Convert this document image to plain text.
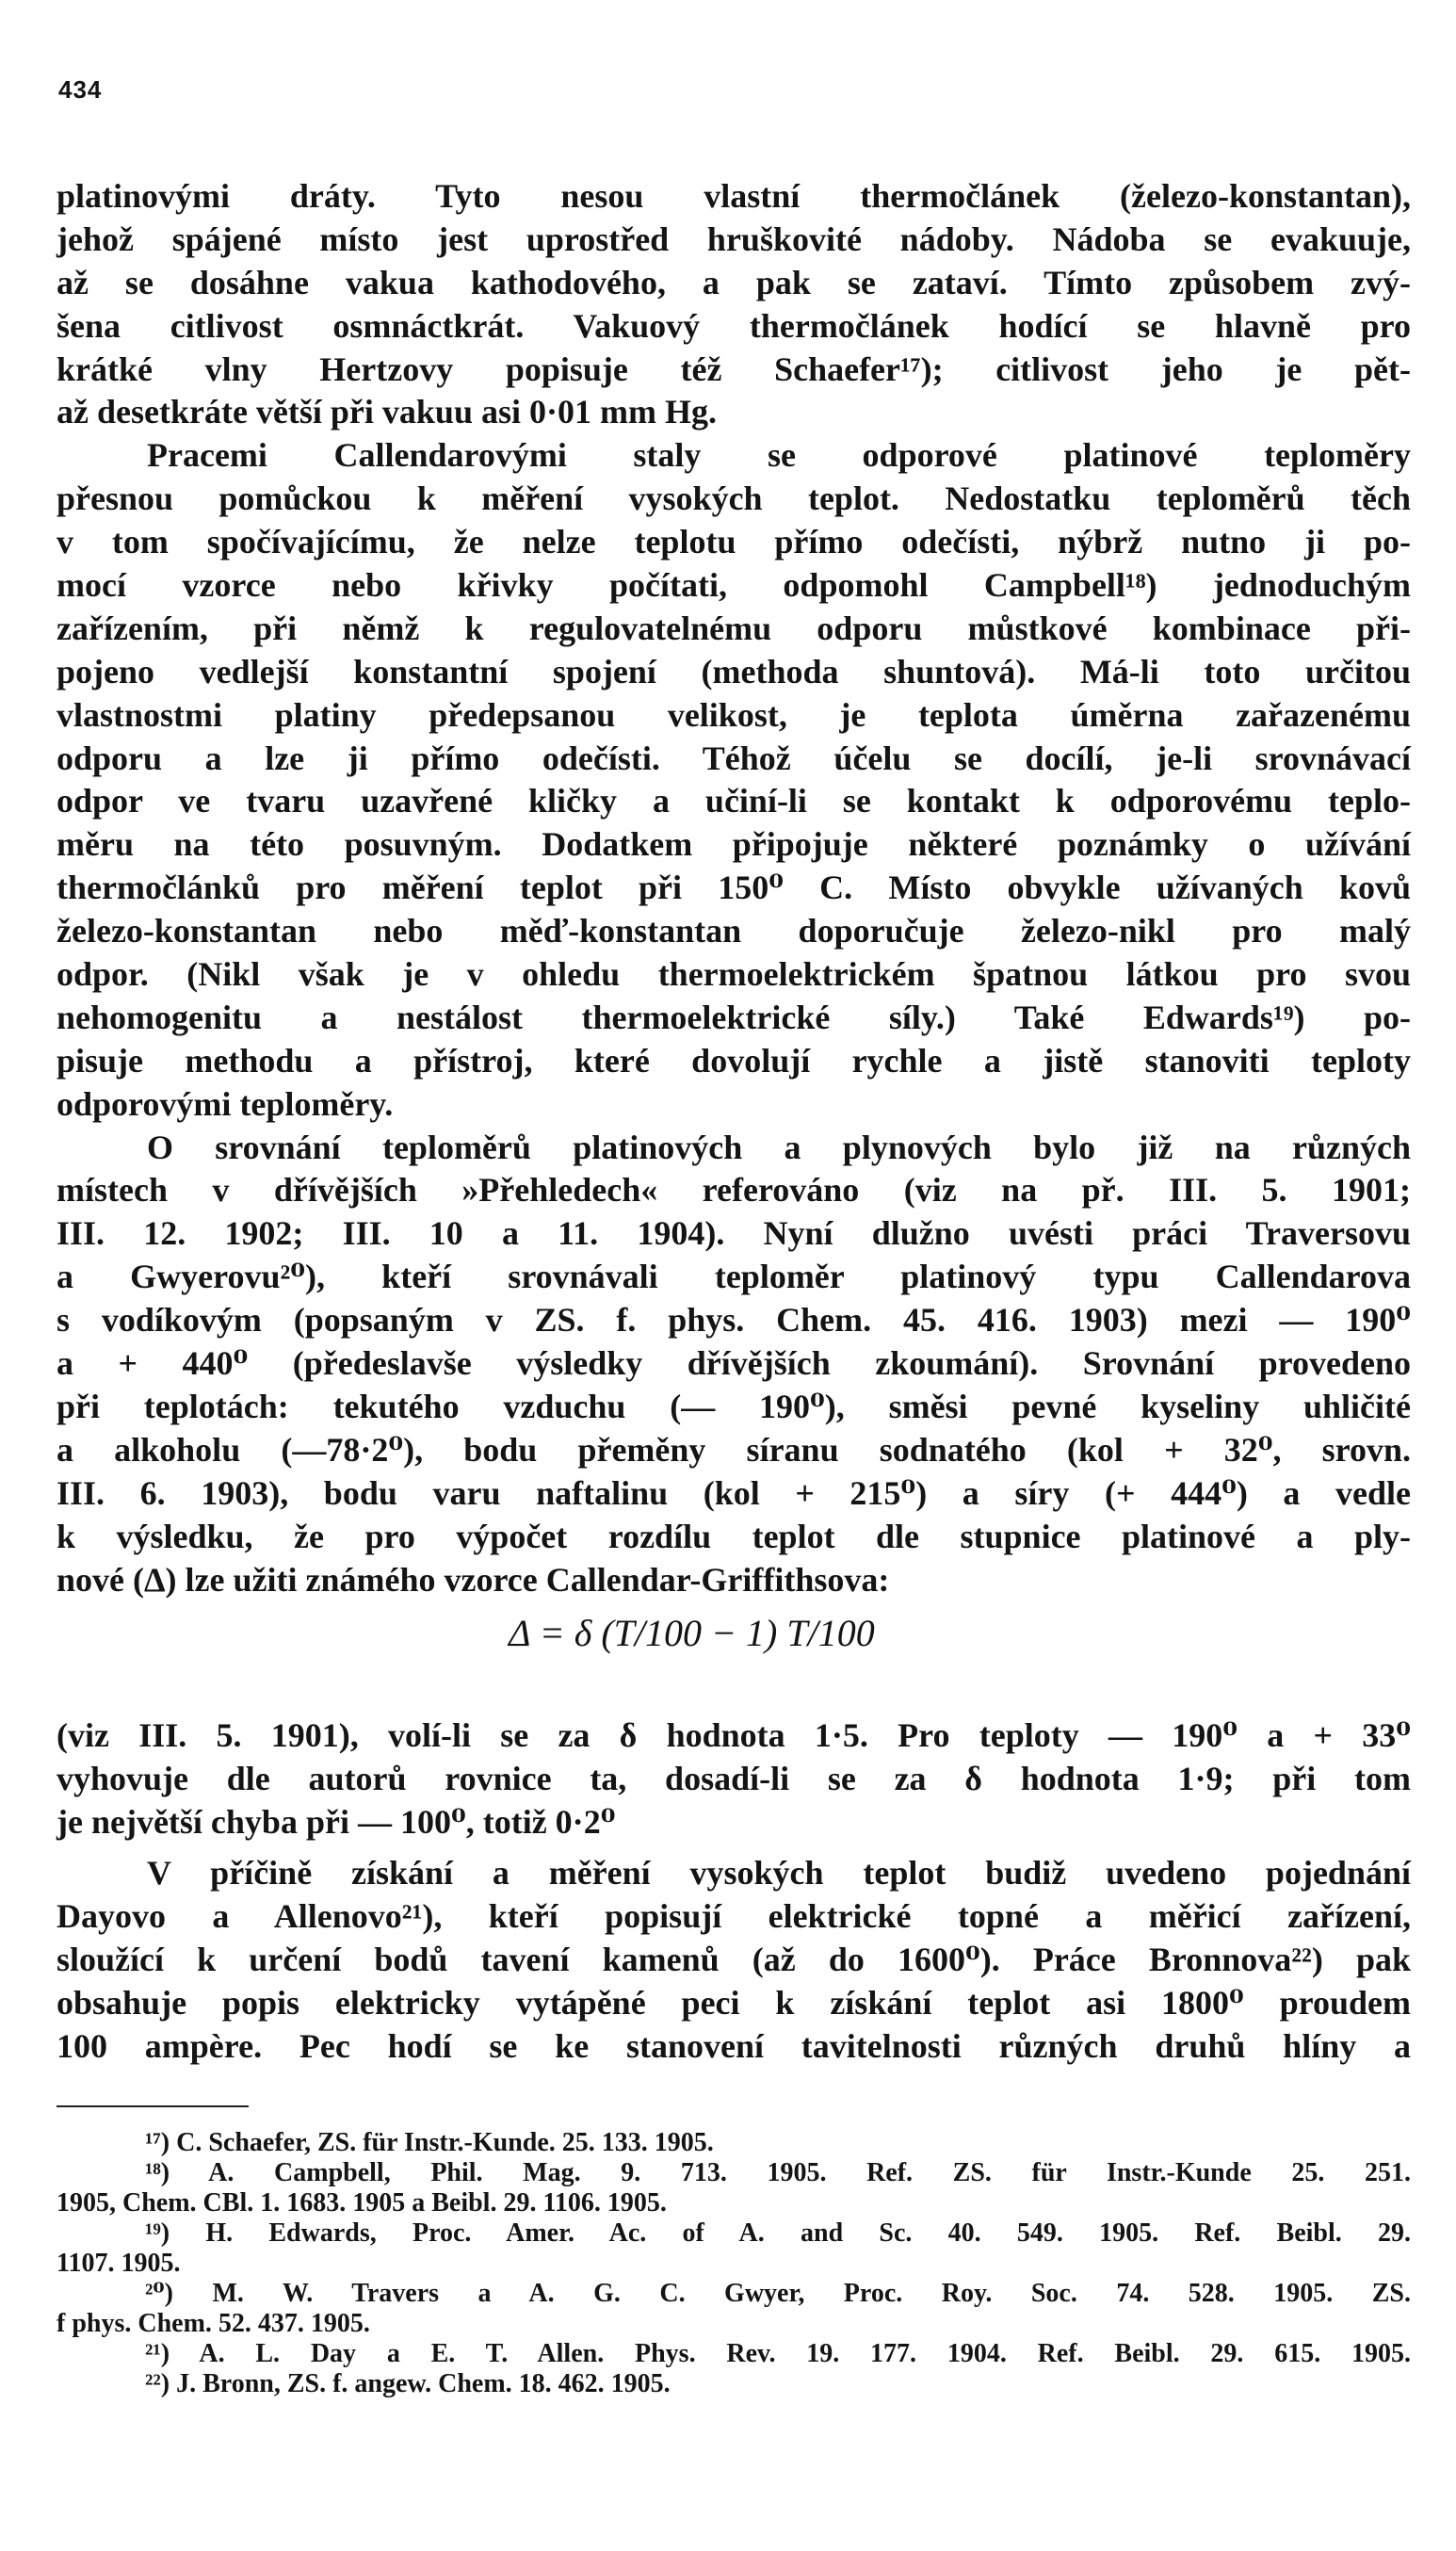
434
platinovými dráty. Tyto nesou vlastní thermočlánek (železo-konstantan),
jehož spájené místo jest uprostřed hruškovité nádoby. Nádoba se evakuuje,
až se dosáhne vakua kathodového, a pak se zataví. Tímto způsobem zvý-
šena citlivost osmnáctkrát. Vakuový thermočlánek hodící se hlavně pro
krátké vlny Hertzovy popisuje též Schaefer¹⁷); citlivost jeho je pět-
až desetkráte větší při vakuu asi 0·01 mm Hg.
Pracemi Callendarovými staly se odporové platinové teploměry
přesnou pomůckou k měření vysokých teplot. Nedostatku teploměrů těch
v tom spočívajícímu, že nelze teplotu přímo odečísti, nýbrž nutno ji po-
mocí vzorce nebo křivky počítati, odpomohl Campbell¹⁸) jednoduchým
zařízením, při němž k regulovatelnému odporu můstkové kombinace při-
pojeno vedlejší konstantní spojení (methoda shuntová). Má-li toto určitou
vlastnostmi platiny předepsanou velikost, je teplota úměrna zařazenému
odporu a lze ji přímo odečísti. Téhož účelu se docílí, je-li srovnávací
odpor ve tvaru uzavřené kličky a učiní-li se kontakt k odporovému teplo-
měru na této posuvným. Dodatkem připojuje některé poznámky o užívání
thermočlánků pro měření teplot při 150⁰ C. Místo obvykle užívaných kovů
železo-konstantan nebo měď-konstantan doporučuje železo-nikl pro malý
odpor. (Nikl však je v ohledu thermoelektrickém špatnou látkou pro svou
nehomogenitu a nestálost thermoelektrické síly.) Také Edwards¹⁹) po-
pisuje methodu a přístroj, které dovolují rychle a jistě stanoviti teploty
odporovými teploměry.
O srovnání teploměrů platinových a plynových bylo již na různých
místech v dřívějších »Přehledech« referováno (viz na př. III. 5. 1901;
III. 12. 1902; III. 10 a 11. 1904). Nyní dlužno uvésti práci Traversovu
a Gwyerovu²⁰), kteří srovnávali teploměr platinový typu Callendarova
s vodíkovým (popsaným v ZS. f. phys. Chem. 45. 416. 1903) mezi — 190⁰
a + 440⁰ (předeslavše výsledky dřívějších zkoumání). Srovnání provedeno
při teplotách: tekutého vzduchu (— 190⁰), směsi pevné kyseliny uhličité
a alkoholu (—78·2⁰), bodu přeměny síranu sodnatého (kol + 32⁰, srovn.
III. 6. 1903), bodu varu naftalinu (kol + 215⁰) a síry (+ 444⁰) a vedle
k výsledku, že pro výpočet rozdílu teplot dle stupnice platinové a ply-
nové (Δ) lze užiti známého vzorce Callendar-Griffithsova:
Δ = δ (T/100 − 1) T/100
(viz III. 5. 1901), volí-li se za δ hodnota 1·5. Pro teploty — 190⁰ a + 33⁰
vyhovuje dle autorů rovnice ta, dosadí-li se za δ hodnota 1·9; při tom
je největší chyba při — 100⁰, totiž 0·2⁰
V příčině získání a měření vysokých teplot budiž uvedeno pojednání
Dayovo a Allenovo²¹), kteří popisují elektrické topné a měřicí zařízení,
sloužící k určení bodů tavení kamenů (až do 1600⁰). Práce Bronnova²²) pak
obsahuje popis elektricky vytápěné peci k získání teplot asi 1800⁰ proudem
100 ampère. Pec hodí se ke stanovení tavitelnosti různých druhů hlíny a
¹⁷) C. Schaefer, ZS. für Instr.-Kunde. 25. 133. 1905.
¹⁸) A. Campbell, Phil. Mag. 9. 713. 1905. Ref. ZS. für Instr.-Kunde 25. 251.
1905, Chem. CBl. 1. 1683. 1905 a Beibl. 29. 1106. 1905.
¹⁹) H. Edwards, Proc. Amer. Ac. of A. and Sc. 40. 549. 1905. Ref. Beibl. 29.
1107. 1905.
²⁰) M. W. Travers a A. G. C. Gwyer, Proc. Roy. Soc. 74. 528. 1905. ZS.
f phys. Chem. 52. 437. 1905.
²¹) A. L. Day a E. T. Allen. Phys. Rev. 19. 177. 1904. Ref. Beibl. 29. 615. 1905.
²²) J. Bronn, ZS. f. angew. Chem. 18. 462. 1905.
